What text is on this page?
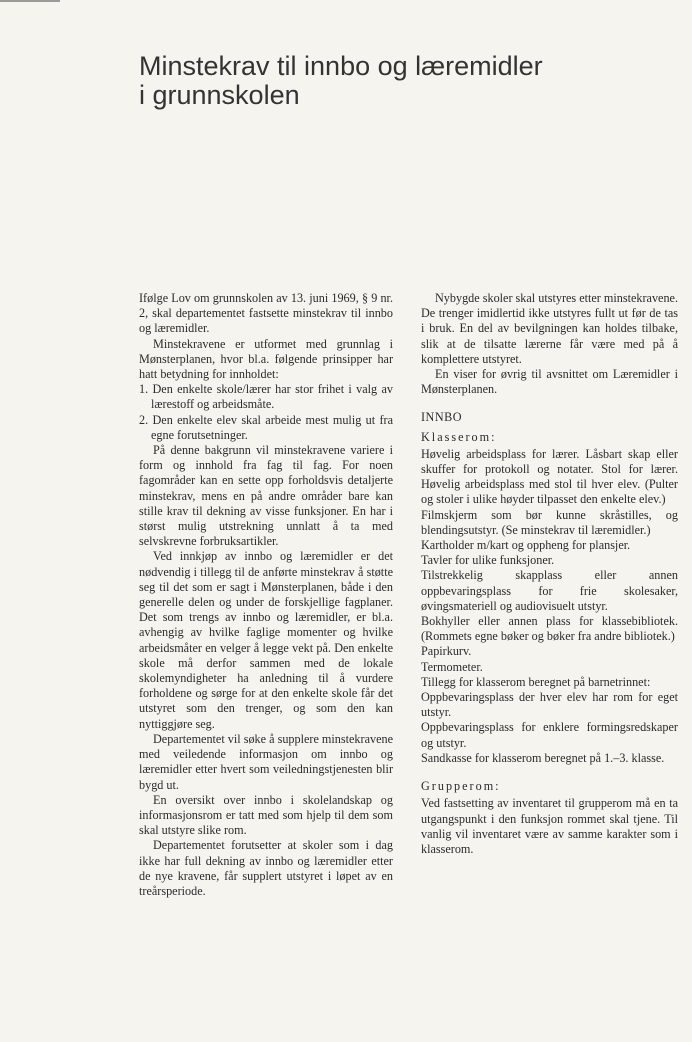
Minstekrav til innbo og læremidler
i grunnskolen

Ifølge Lov om grunnskolen av 13. juni 1969, § 9 nr. 2, skal departementet fastsette minstekrav til innbo og læremidler.

Minstekravene er utformet med grunnlag i Mønsterplanen, hvor bl.a. følgende prinsipper har hatt betydning for innholdet:

1. Den enkelte skole/lærer har stor frihet i valg av lærestoff og arbeidsmåte.

2. Den enkelte elev skal arbeide mest mulig ut fra egne forutsetninger.

På denne bakgrunn vil minstekravene variere i form og innhold fra fag til fag. For noen fagområder kan en sette opp forholdsvis detaljerte minstekrav, mens en på andre områder bare kan stille krav til dekning av visse funksjoner. En har i størst mulig utstrekning unnlatt å ta med selvskrevne forbruksartikler.

Ved innkjøp av innbo og læremidler er det nødvendig i tillegg til de anførte minstekrav å støtte seg til det som er sagt i Mønsterplanen, både i den generelle delen og under de forskjellige fagplaner. Det som trengs av innbo og læremidler, er bl.a. avhengig av hvilke faglige momenter og hvilke arbeidsmåter en velger å legge vekt på. Den enkelte skole må derfor sammen med de lokale skolemyndigheter ha anledning til å vurdere forholdene og sørge for at den enkelte skole får det utstyret som den trenger, og som den kan nyttiggjøre seg.

Departementet vil søke å supplere minstekravene med veiledende informasjon om innbo og læremidler etter hvert som veiledningstjenesten blir bygd ut.

En oversikt over innbo i skolelandskap og informasjonsrom er tatt med som hjelp til dem som skal utstyre slike rom.

Departementet forutsetter at skoler som i dag ikke har full dekning av innbo og læremidler etter de nye kravene, får supplert utstyret i løpet av en treårsperiode.

Nybygde skoler skal utstyres etter minstekravene. De trenger imidlertid ikke utstyres fullt ut før de tas i bruk. En del av bevilgningen kan holdes tilbake, slik at de tilsatte lærerne får være med på å komplettere utstyret.

En viser for øvrig til avsnittet om Læremidler i Mønsterplanen.

INNBO

Klasserom:

Høvelig arbeidsplass for lærer. Låsbart skap eller skuffer for protokoll og notater. Stol for lærer. Høvelig arbeidsplass med stol til hver elev. (Pulter og stoler i ulike høyder tilpasset den enkelte elev.)

Filmskjerm som bør kunne skråstilles, og blendingsutstyr. (Se minstekrav til læremidler.)

Kartholder m/kart og oppheng for plansjer.

Tavler for ulike funksjoner.

Tilstrekkelig skapplass eller annen oppbevaringsplass for frie skolesaker, øvingsmateriell og audiovisuelt utstyr.

Bokhyller eller annen plass for klassebibliotek. (Rommets egne bøker og bøker fra andre bibliotek.)

Papirkurv.

Termometer.

Tillegg for klasserom beregnet på barnetrinnet:

Oppbevaringsplass der hver elev har rom for eget utstyr.

Oppbevaringsplass for enklere formingsredskaper og utstyr.

Sandkasse for klasserom beregnet på 1.–3. klasse.

Grupperom:

Ved fastsetting av inventaret til grupperom må en ta utgangspunkt i den funksjon rommet skal tjene. Til vanlig vil inventaret være av samme karakter som i klasserom.
